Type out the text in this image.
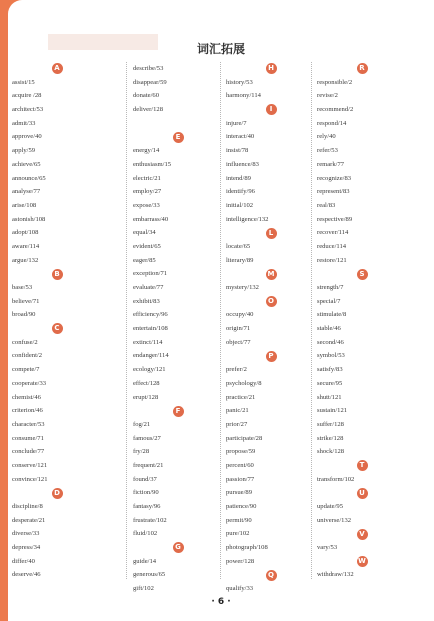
词汇拓展
A
assist/15
acquire /28
architect/53
admit/33
approve/40
apply/59
achieve/65
announce/65
analyse/77
arise/108
astonish/108
adopt/108
aware/114
argue/132
B
base/53
believe/71
broad/90
C
confuse/2
confident/2
compete/7
cooperate/33
chemist/46
criterion/46
character/53
consume/71
conclude/77
conserve/121
convince/121
D
discipline/8
desperate/21
diverse/33
depress/34
differ/40
deserve/46
describe/53
disappear/59
donate/60
deliver/128
E
energy/14
enthusiasm/15
electric/21
employ/27
expose/33
embarrass/40
equal/34
evident/65
eager/85
exception/71
evaluate/77
exhibit/83
efficiency/96
entertain/108
extinct/114
endanger/114
ecology/121
effect/128
erupt/128
F
fog/21
famous/27
fry/28
frequent/21
found/37
fiction/90
fantasy/96
frustrate/102
fluid/102
G
guide/14
generous/65
gift/102
H
history/53
harmony/114
I
injure/7
interact/40
insist/78
influence/83
intend/89
identify/96
initial/102
intelligence/132
L
locate/65
literary/89
M
mystery/132
O
occupy/40
origin/71
object/77
P
prefer/2
psychology/8
practice/21
panic/21
prior/27
participate/28
propose/59
percent/60
passion/77
pursue/89
patience/90
permit/90
pure/102
photograph/108
power/128
Q
qualify/33
R
responsible/2
revise/2
recommend/2
respond/14
rely/40
refer/53
remark/77
recognize/83
represent/83
real/83
respective/89
recover/114
reduce/114
restore/121
S
strength/7
special/7
stimulate/8
stable/46
second/46
symbol/53
satisfy/83
secure/95
shutt/121
sustain/121
suffer/128
strike/128
shock/128
T
transform/102
U
update/95
universe/132
V
vary/53
W
withdraw/132
· 6 ·
